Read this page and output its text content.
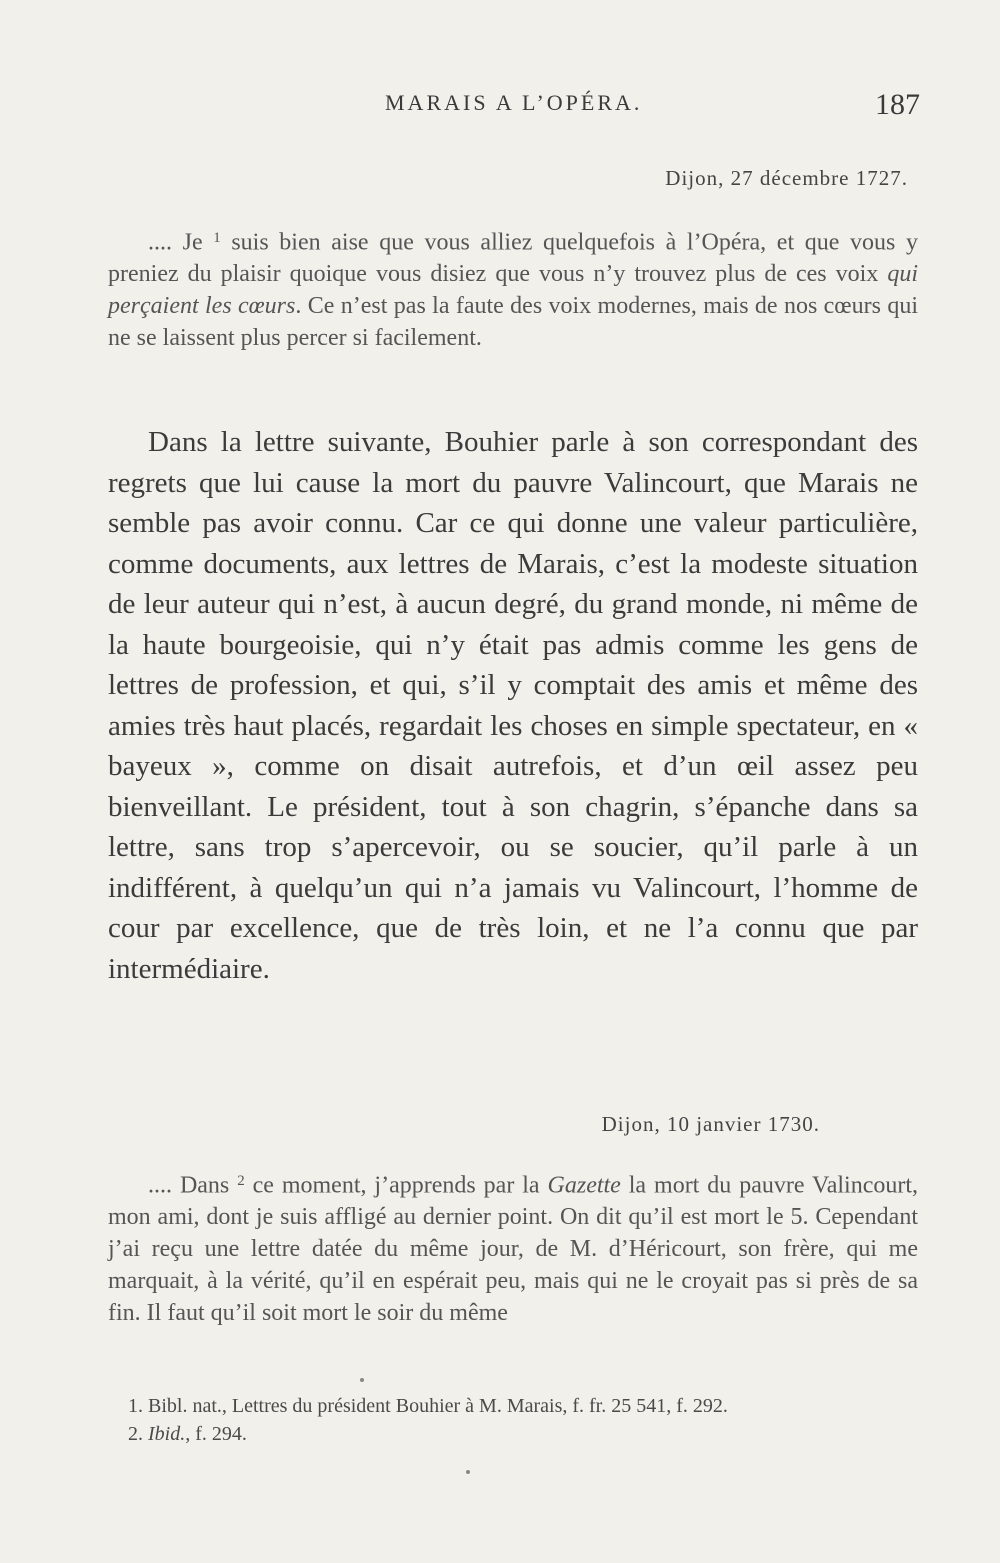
MARAIS A L’OPÉRA.	187
Dijon, 27 décembre 1727.

.... Je $^1$ suis bien aise que vous alliez quelquefois à l’Opéra, et que vous y preniez du plaisir quoique vous disiez que vous n’y trouvez plus de ces voix qui perçaient les cœurs. Ce n’est pas la faute des voix modernes, mais de nos cœurs qui ne se laissent plus percer si facilement.

Dans la lettre suivante, Bouhier parle à son correspondant des regrets que lui cause la mort du pauvre Valincourt, que Marais ne semble pas avoir connu. Car ce qui donne une valeur particulière, comme documents, aux lettres de Marais, c’est la modeste situation de leur auteur qui n’est, à aucun degré, du grand monde, ni même de la haute bourgeoisie, qui n’y était pas admis comme les gens de lettres de profession, et qui, s’il y comptait des amis et même des amies très haut placés, regardait les choses en simple spectateur, en « bayeux », comme on disait autrefois, et d’un œil assez peu bienveillant. Le président, tout à son chagrin, s’épanche dans sa lettre, sans trop s’apercevoir, ou se soucier, qu’il parle à un indifférent, à quelqu’un qui n’a jamais vu Valincourt, l’homme de cour par excellence, que de très loin, et ne l’a connu que par intermédiaire.

Dijon, 10 janvier 1730.

.... Dans $^2$ ce moment, j’apprends par la Gazette la mort du pauvre Valincourt, mon ami, dont je suis affligé au dernier point. On dit qu’il est mort le 5. Cependant j’ai reçu une lettre datée du même jour, de M. d’Héricourt, son frère, qui me marquait, à la vérité, qu’il en espérait peu, mais qui ne le croyait pas si près de sa fin. Il faut qu’il soit mort le soir du même

1. Bibl. nat., Lettres du président Bouhier à M. Marais, f. fr. 25 541, f. 292.

2. Ibid., f. 294.
